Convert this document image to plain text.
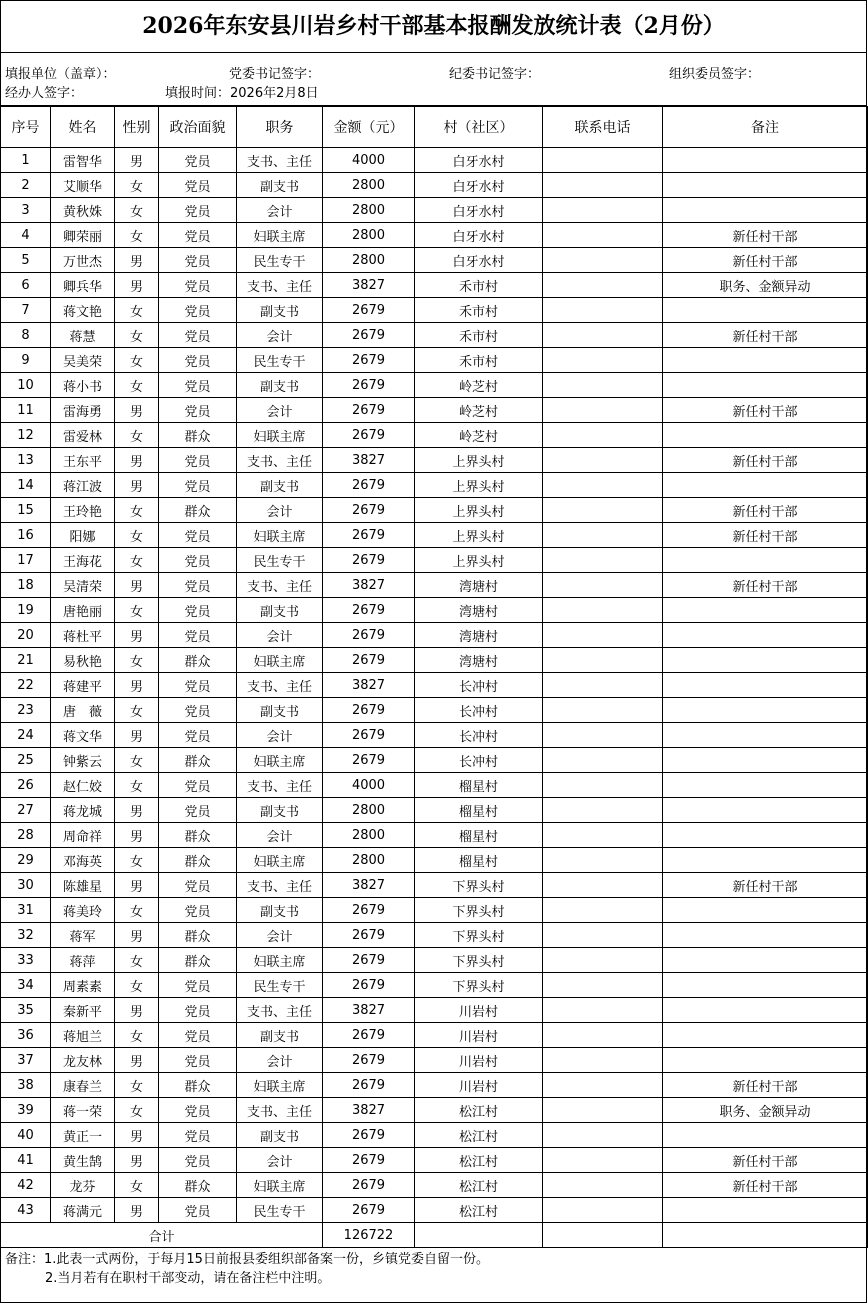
2026年东安县川岩乡村干部基本报酬发放统计表（2月份）
填报单位（盖章）：	党委书记签字：	纪委书记签字：	组织委员签字：
经办人签字：	填报时间：2026年2月8日
序号	姓名	性别	政治面貌	职务	金额（元）	村（社区）	联系电话	备注
1	雷智华	男	党员	支书、主任	4000	白牙水村		
2	艾顺华	女	党员	副支书	2800	白牙水村		
3	黄秋姝	女	党员	会计	2800	白牙水村		
4	卿荣丽	女	党员	妇联主席	2800	白牙水村		新任村干部
5	万世杰	男	党员	民生专干	2800	白牙水村		新任村干部
6	卿兵华	男	党员	支书、主任	3827	禾市村		职务、金额异动
7	蒋文艳	女	党员	副支书	2679	禾市村		
8	蒋慧	女	党员	会计	2679	禾市村		新任村干部
9	吴美荣	女	党员	民生专干	2679	禾市村		
10	蒋小书	女	党员	副支书	2679	岭芝村		
11	雷海勇	男	党员	会计	2679	岭芝村		新任村干部
12	雷爱林	女	群众	妇联主席	2679	岭芝村		
13	王东平	男	党员	支书、主任	3827	上界头村		新任村干部
14	蒋江波	男	党员	副支书	2679	上界头村		
15	王玲艳	女	群众	会计	2679	上界头村		新任村干部
16	阳娜	女	党员	妇联主席	2679	上界头村		新任村干部
17	王海花	女	党员	民生专干	2679	上界头村		
18	吴清荣	男	党员	支书、主任	3827	湾塘村		新任村干部
19	唐艳丽	女	党员	副支书	2679	湾塘村		
20	蒋杜平	男	党员	会计	2679	湾塘村		
21	易秋艳	女	群众	妇联主席	2679	湾塘村		
22	蒋建平	男	党员	支书、主任	3827	长冲村		
23	唐　薇	女	党员	副支书	2679	长冲村		
24	蒋文华	男	党员	会计	2679	长冲村		
25	钟紫云	女	群众	妇联主席	2679	长冲村		
26	赵仁姣	女	党员	支书、主任	4000	榴星村		
27	蒋龙城	男	党员	副支书	2800	榴星村		
28	周命祥	男	群众	会计	2800	榴星村		
29	邓海英	女	群众	妇联主席	2800	榴星村		
30	陈雄星	男	党员	支书、主任	3827	下界头村		新任村干部
31	蒋美玲	女	党员	副支书	2679	下界头村		
32	蒋军	男	群众	会计	2679	下界头村		
33	蒋萍	女	群众	妇联主席	2679	下界头村		
34	周素素	女	党员	民生专干	2679	下界头村		
35	秦新平	男	党员	支书、主任	3827	川岩村		
36	蒋旭兰	女	党员	副支书	2679	川岩村		
37	龙友林	男	党员	会计	2679	川岩村		
38	康春兰	女	群众	妇联主席	2679	川岩村		新任村干部
39	蒋一荣	女	党员	支书、主任	3827	松江村		职务、金额异动
40	黄正一	男	党员	副支书	2679	松江村		
41	黄生鹄	男	党员	会计	2679	松江村		新任村干部
42	龙芬	女	群众	妇联主席	2679	松江村		新任村干部
43	蒋满元	男	党员	民生专干	2679	松江村		
合计					126722			
备注：1.此表一式两份，于每月15日前报县委组织部备案一份，乡镇党委自留一份。
2.当月若有在职村干部变动，请在备注栏中注明。
